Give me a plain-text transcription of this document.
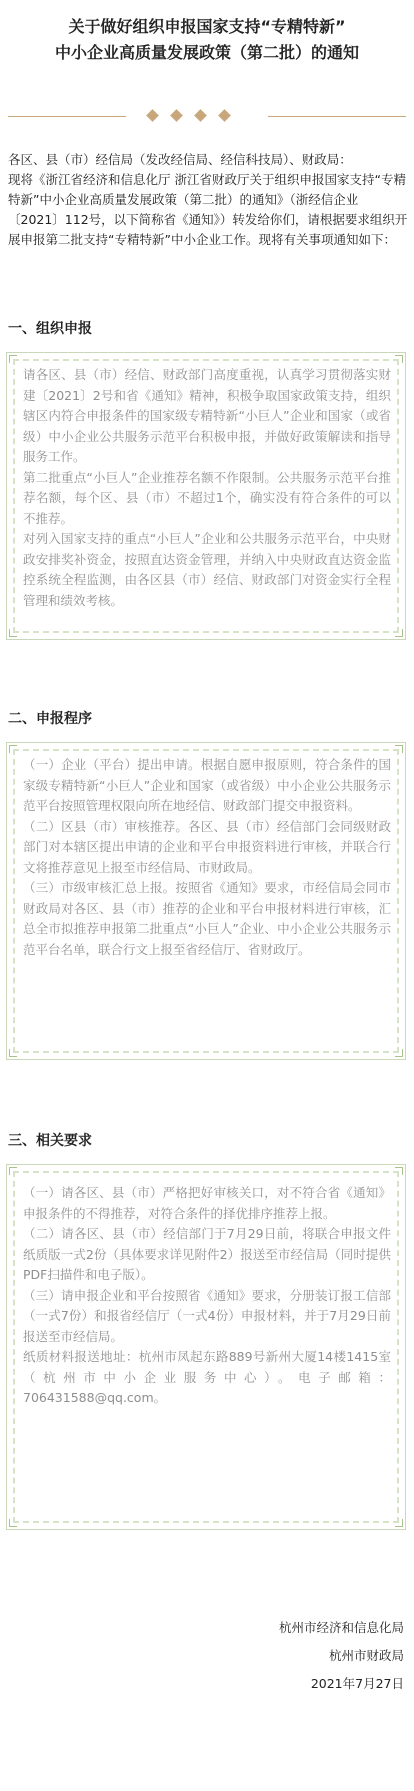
关于做好组织申报国家支持“专精特新”
中小企业高质量发展政策（第二批）的通知
各区、县（市）经信局（发改经信局、经信科技局）、财政局：
现将《浙江省经济和信息化厅 浙江省财政厅关于组织申报国家支持“专精特新”中小企业高质量发展政策（第二批）的通知》（浙经信企业〔2021〕112号，以下简称省《通知》）转发给你们，请根据要求组织开展申报第二批支持“专精特新”中小企业工作。现将有关事项通知如下：
一、组织申报

请各区、县（市）经信、财政部门高度重视，认真学习贯彻落实财建〔2021〕2号和省《通知》精神，积极争取国家政策支持，组织辖区内符合申报条件的国家级专精特新“小巨人”企业和国家（或省级）中小企业公共服务示范平台积极申报，并做好政策解读和指导服务工作。

第二批重点“小巨人”企业推荐名额不作限制。公共服务示范平台推荐名额，每个区、县（市）不超过1个，确实没有符合条件的可以不推荐。

对列入国家支持的重点“小巨人”企业和公共服务示范平台，中央财政安排奖补资金，按照直达资金管理，并纳入中央财政直达资金监控系统全程监测，由各区县（市）经信、财政部门对资金实行全程管理和绩效考核。

二、申报程序

（一）企业（平台）提出申请。根据自愿申报原则，符合条件的国家级专精特新“小巨人”企业和国家（或省级）中小企业公共服务示范平台按照管理权限向所在地经信、财政部门提交申报资料。

（二）区县（市）审核推荐。各区、县（市）经信部门会同级财政部门对本辖区提出申请的企业和平台申报资料进行审核，并联合行文将推荐意见上报至市经信局、市财政局。

（三）市级审核汇总上报。按照省《通知》要求，市经信局会同市财政局对各区、县（市）推荐的企业和平台申报材料进行审核，汇总全市拟推荐申报第二批重点“小巨人”企业、中小企业公共服务示范平台名单，联合行文上报至省经信厅、省财政厅。

三、相关要求

（一）请各区、县（市）严格把好审核关口，对不符合省《通知》申报条件的不得推荐，对符合条件的择优排序推荐上报。

（二）请各区、县（市）经信部门于7月29日前，将联合申报文件纸质版一式2份（具体要求详见附件2）报送至市经信局（同时提供PDF扫描件和电子版）。

（三）请申报企业和平台按照省《通知》要求，分册装订报工信部（一式7份）和报省经信厅（一式4份）申报材料，并于7月29日前报送至市经信局。

纸质材料报送地址：杭州市凤起东路889号新州大厦14楼1415室（杭州市中小企业服务中心）。电子邮箱：706431588@qq.com。

杭州市经济和信息化局
杭州市财政局
2021年7月27日
